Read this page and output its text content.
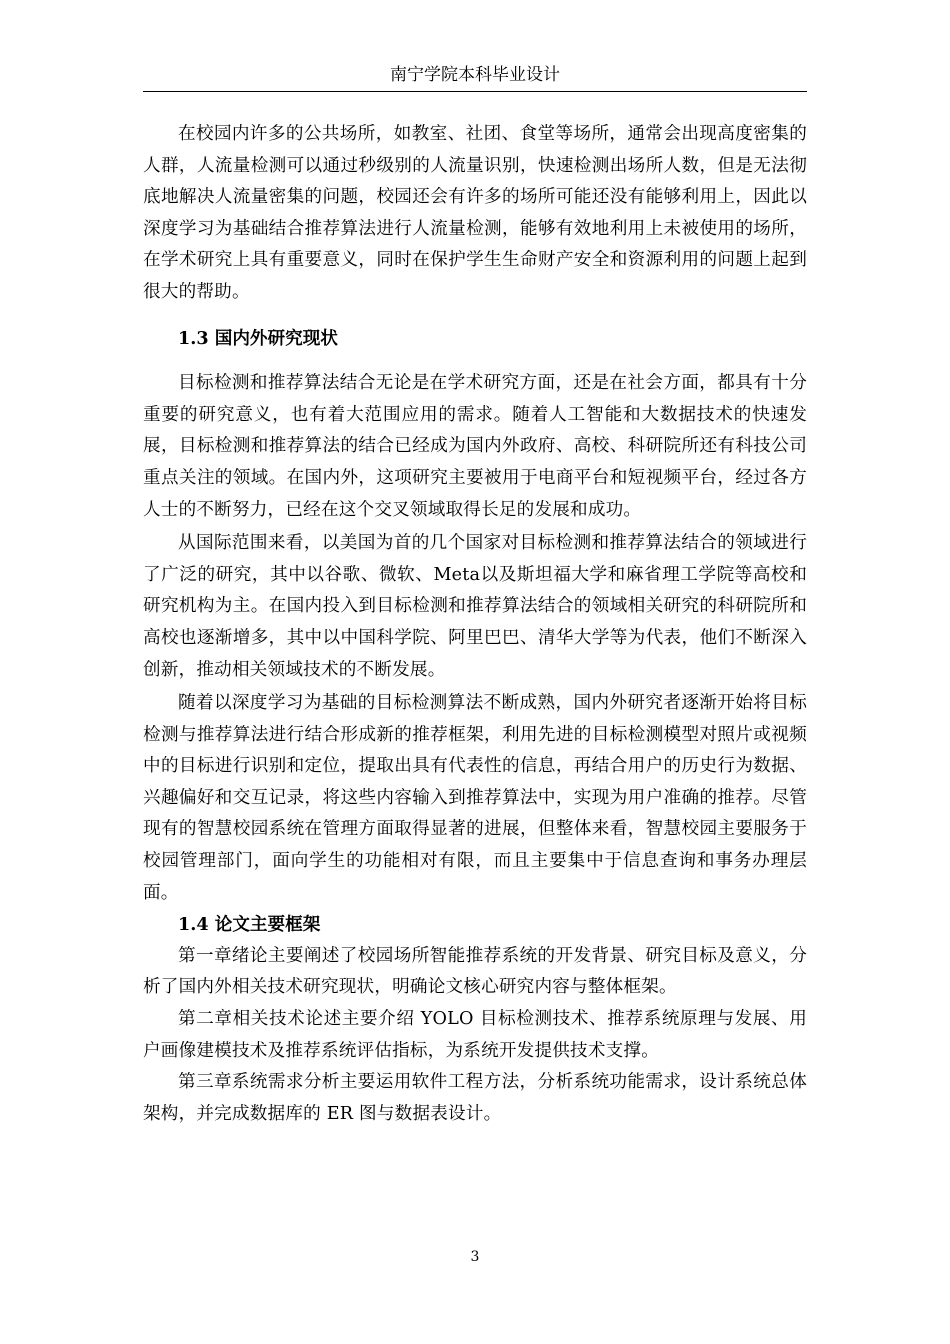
南宁学院本科毕业设计

在校园内许多的公共场所，如教室、社团、食堂等场所，通常会出现高度密集的人群，人流量检测可以通过秒级别的人流量识别，快速检测出场所人数，但是无法彻底地解决人流量密集的问题，校园还会有许多的场所可能还没有能够利用上，因此以深度学习为基础结合推荐算法进行人流量检测，能够有效地利用上未被使用的场所，在学术研究上具有重要意义，同时在保护学生生命财产安全和资源利用的问题上起到很大的帮助。

1.3 国内外研究现状

目标检测和推荐算法结合无论是在学术研究方面，还是在社会方面，都具有十分重要的研究意义，也有着大范围应用的需求。随着人工智能和大数据技术的快速发展，目标检测和推荐算法的结合已经成为国内外政府、高校、科研院所还有科技公司重点关注的领域。在国内外，这项研究主要被用于电商平台和短视频平台，经过各方人士的不断努力，已经在这个交叉领域取得长足的发展和成功。

从国际范围来看，以美国为首的几个国家对目标检测和推荐算法结合的领域进行了广泛的研究，其中以谷歌、微软、Meta以及斯坦福大学和麻省理工学院等高校和研究机构为主。在国内投入到目标检测和推荐算法结合的领域相关研究的科研院所和高校也逐渐增多，其中以中国科学院、阿里巴巴、清华大学等为代表，他们不断深入创新，推动相关领域技术的不断发展。

随着以深度学习为基础的目标检测算法不断成熟，国内外研究者逐渐开始将目标检测与推荐算法进行结合形成新的推荐框架，利用先进的目标检测模型对照片或视频中的目标进行识别和定位，提取出具有代表性的信息，再结合用户的历史行为数据、兴趣偏好和交互记录，将这些内容输入到推荐算法中，实现为用户准确的推荐。尽管现有的智慧校园系统在管理方面取得显著的进展，但整体来看，智慧校园主要服务于校园管理部门，面向学生的功能相对有限，而且主要集中于信息查询和事务办理层面。

1.4 论文主要框架

第一章绪论主要阐述了校园场所智能推荐系统的开发背景、研究目标及意义，分析了国内外相关技术研究现状，明确论文核心研究内容与整体框架。

第二章相关技术论述主要介绍 YOLO 目标检测技术、推荐系统原理与发展、用户画像建模技术及推荐系统评估指标，为系统开发提供技术支撑。

第三章系统需求分析主要运用软件工程方法，分析系统功能需求，设计系统总体架构，并完成数据库的 ER 图与数据表设计。

3
